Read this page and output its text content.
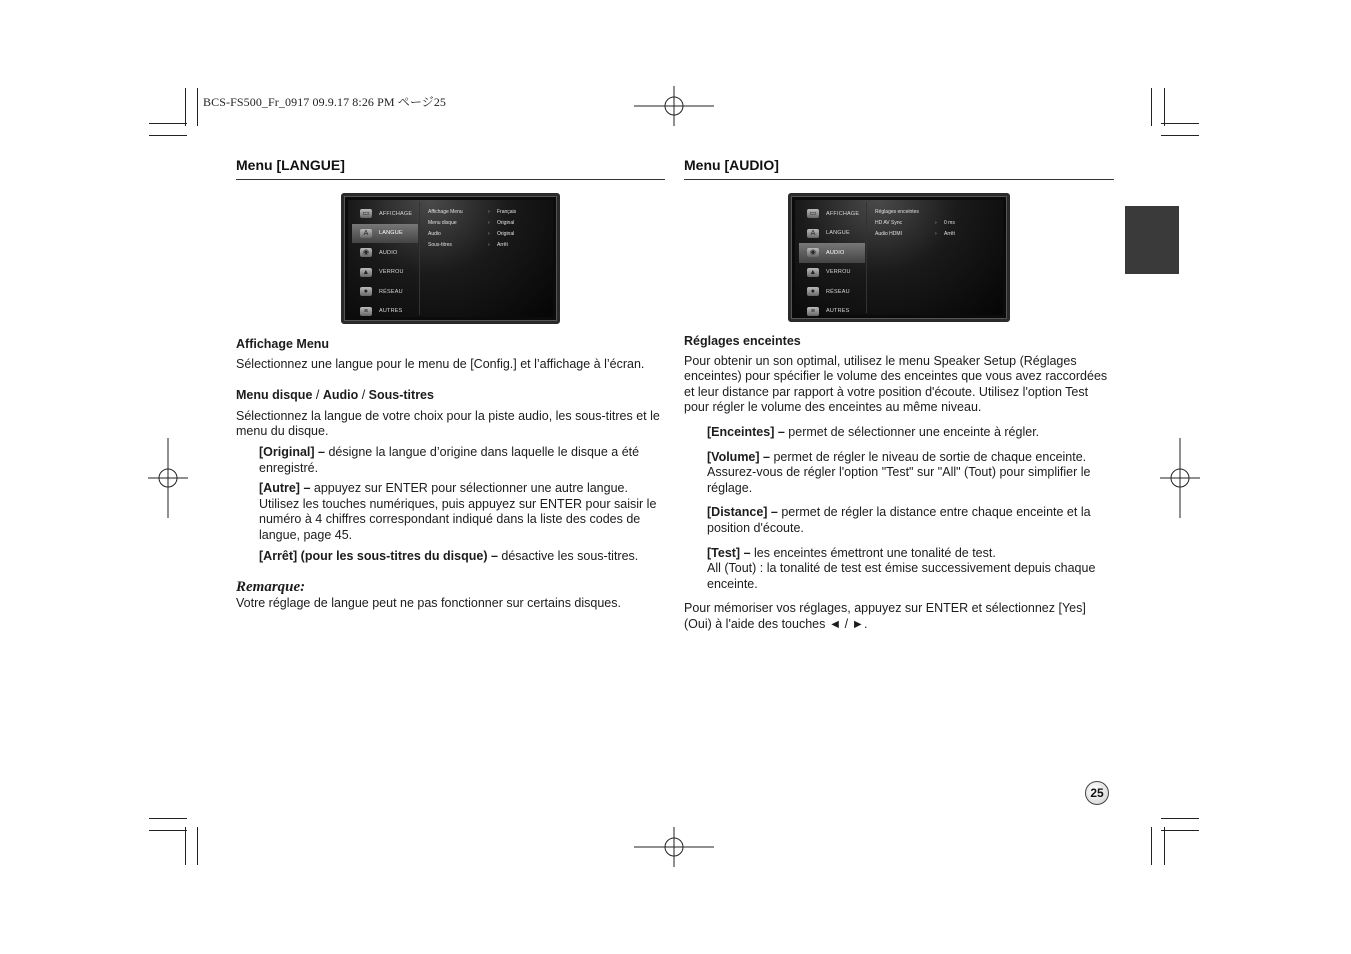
BCS-FS500_Fr_0917 09.9.17 8:26 PM ページ25
Menu [LANGUE]
▭	AFFICHAGE
A	LANGUE
◉	AUDIO
▲	VERROU
●	RÉSEAU
≡	AUTRES
Affichage Menu	›	Français
Menu disque	›	Original
Audio	›	Original
Sous-titres	›	Arrêt

Affichage Menu

Sélectionnez une langue pour le menu de [Config.] et l’affichage à l’écran.

Menu disque / Audio / Sous-titres

Sélectionnez la langue de votre choix pour la piste audio, les sous-titres et le menu du disque.

[Original] – désigne la langue d’origine dans laquelle le disque a été enregistré.

[Autre] – appuyez sur ENTER pour sélectionner une autre langue. Utilisez les touches numériques, puis appuyez sur ENTER pour saisir le numéro à 4 chiffres correspondant indiqué dans la liste des codes de langue, page 45.

[Arrêt] (pour les sous-titres du disque) – désactive les sous-titres.

Remarque:

Votre réglage de langue peut ne pas fonctionner sur certains disques.

Menu [AUDIO]
▭	AFFICHAGE
A	LANGUE
◉	AUDIO
▲	VERROU
●	RÉSEAU
≡	AUTRES
Réglages enceintes
HD AV Sync	›	0 ms
Audio HDMI	›	Arrêt

Réglages enceintes

Pour obtenir un son optimal, utilisez le menu Speaker Setup (Réglages enceintes) pour spécifier le volume des enceintes que vous avez raccordées et leur distance par rapport à votre position d'écoute. Utilisez l'option Test pour régler le volume des enceintes au même niveau.

[Enceintes] – permet de sélectionner une enceinte à régler.

[Volume] – permet de régler le niveau de sortie de chaque enceinte. Assurez-vous de régler l'option "Test" sur "All" (Tout) pour simplifier le réglage.

[Distance] – permet de régler la distance entre chaque enceinte et la position d'écoute.

[Test] – les enceintes émettront une tonalité de test.

All (Tout) : la tonalité de test est émise successivement depuis chaque enceinte.

Pour mémoriser vos réglages, appuyez sur ENTER et sélectionnez [Yes] (Oui) à l'aide des touches ◄ / ►.

25
